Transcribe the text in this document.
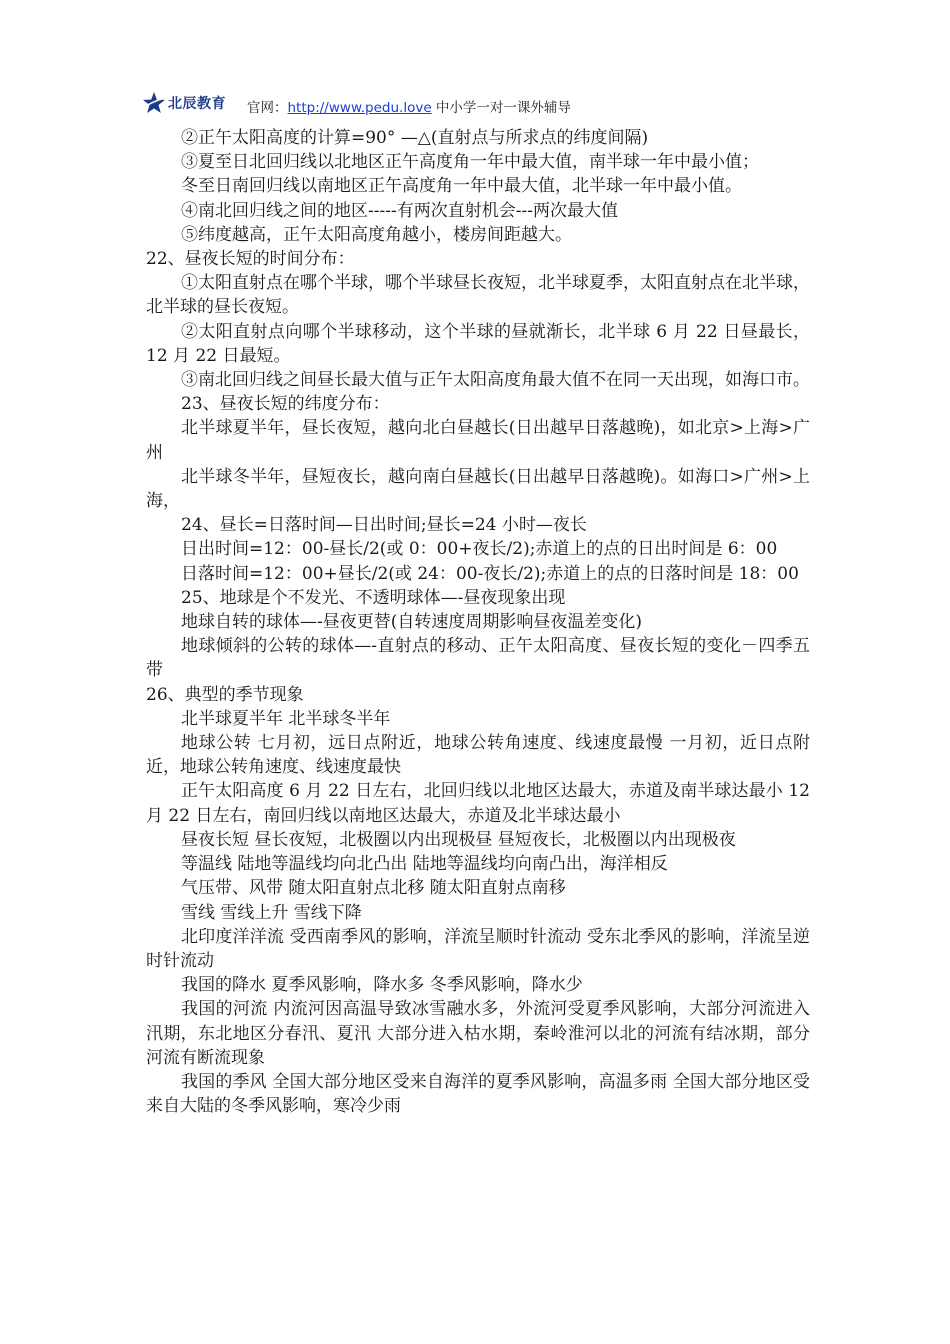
北辰教育 官网：http://www.pedu.love 中小学一对一课外辅导

②正午太阳高度的计算=90° —△(直射点与所求点的纬度间隔)

③夏至日北回归线以北地区正午高度角一年中最大值，南半球一年中最小值；

冬至日南回归线以南地区正午高度角一年中最大值，北半球一年中最小值。

④南北回归线之间的地区-----有两次直射机会---两次最大值

⑤纬度越高，正午太阳高度角越小，楼房间距越大。

22、昼夜长短的时间分布：

①太阳直射点在哪个半球，哪个半球昼长夜短，北半球夏季，太阳直射点在北半球，北半球的昼长夜短。

②太阳直射点向哪个半球移动，这个半球的昼就渐长，北半球 6 月 22 日昼最长，12 月 22 日最短。

③南北回归线之间昼长最大值与正午太阳高度角最大值不在同一天出现，如海口市。

23、昼夜长短的纬度分布：

北半球夏半年，昼长夜短，越向北白昼越长(日出越早日落越晚)，如北京>上海>广州

北半球冬半年，昼短夜长，越向南白昼越长(日出越早日落越晚)。如海口>广州>上海，

24、昼长=日落时间—日出时间;昼长=24 小时—夜长

日出时间=12：00-昼长/2(或 0：00+夜长/2);赤道上的点的日出时间是 6：00

日落时间=12：00+昼长/2(或 24：00-夜长/2);赤道上的点的日落时间是 18：00

25、地球是个不发光、不透明球体—-昼夜现象出现

地球自转的球体—-昼夜更替(自转速度周期影响昼夜温差变化)

地球倾斜的公转的球体—-直射点的移动、正午太阳高度、昼夜长短的变化－四季五带

26、典型的季节现象

北半球夏半年 北半球冬半年

地球公转 七月初，远日点附近，地球公转角速度、线速度最慢 一月初，近日点附近，地球公转角速度、线速度最快

正午太阳高度 6 月 22 日左右，北回归线以北地区达最大，赤道及南半球达最小 12 月 22 日左右，南回归线以南地区达最大，赤道及北半球达最小

昼夜长短 昼长夜短，北极圈以内出现极昼 昼短夜长，北极圈以内出现极夜

等温线 陆地等温线均向北凸出 陆地等温线均向南凸出，海洋相反

气压带、风带 随太阳直射点北移 随太阳直射点南移

雪线 雪线上升 雪线下降

北印度洋洋流 受西南季风的影响，洋流呈顺时针流动 受东北季风的影响，洋流呈逆时针流动

我国的降水 夏季风影响，降水多 冬季风影响，降水少

我国的河流 内流河因高温导致冰雪融水多，外流河受夏季风影响，大部分河流进入汛期，东北地区分春汛、夏汛 大部分进入枯水期，秦岭淮河以北的河流有结冰期，部分河流有断流现象

我国的季风 全国大部分地区受来自海洋的夏季风影响，高温多雨 全国大部分地区受来自大陆的冬季风影响，寒冷少雨
